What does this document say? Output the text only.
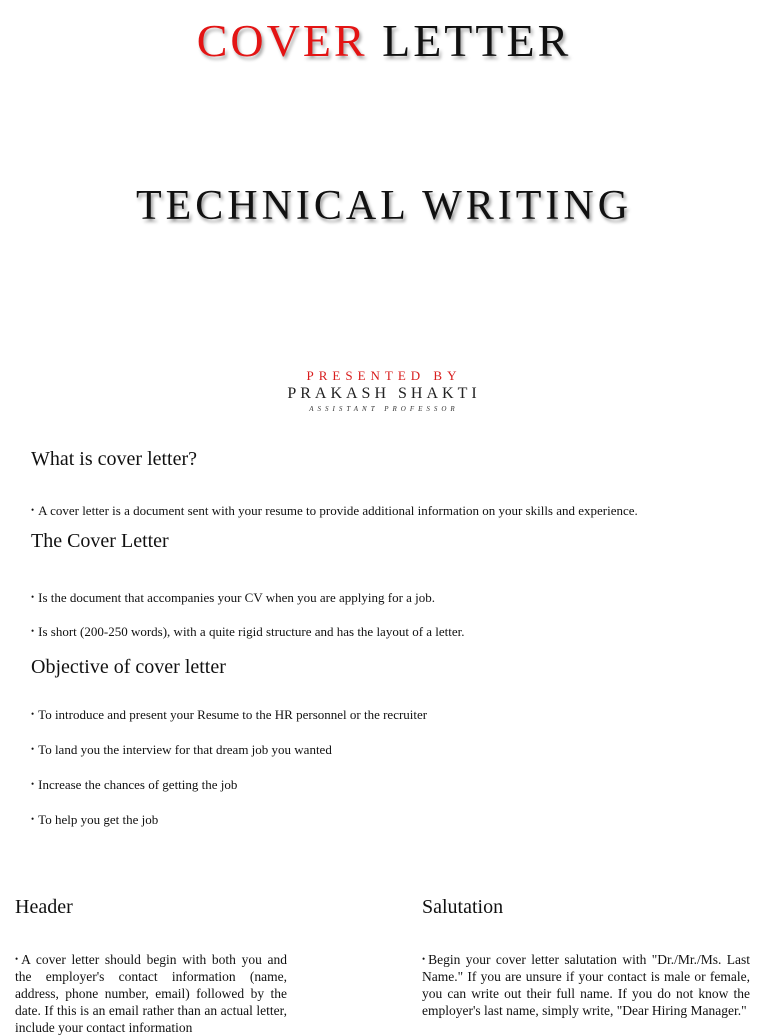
COVER LETTER
TECHNICAL WRITING
PRESENTED BY
PRAKASH SHAKTI
ASSISTANT PROFESSOR
What is cover letter?
• A cover letter is a document sent with your resume to provide additional information on your skills and experience.
The Cover Letter
• Is the document that accompanies your CV when you are applying for a job.
• Is short (200-250 words), with a quite rigid structure and has the layout of a letter.
Objective of cover letter
• To introduce and present your Resume to the HR personnel or the recruiter
• To land you the interview for that dream job you wanted
• Increase the chances of getting the job
• To help you get the job
Header
• A cover letter should begin with both you and the employer's contact information (name, address, phone number, email) followed by the date. If this is an email rather than an actual letter, include your contact information
Salutation
• Begin your cover letter salutation with "Dr./Mr./Ms. Last Name." If you are unsure if your contact is male or female, you can write out their full name. If you do not know the employer's last name, simply write, "Dear Hiring Manager."
